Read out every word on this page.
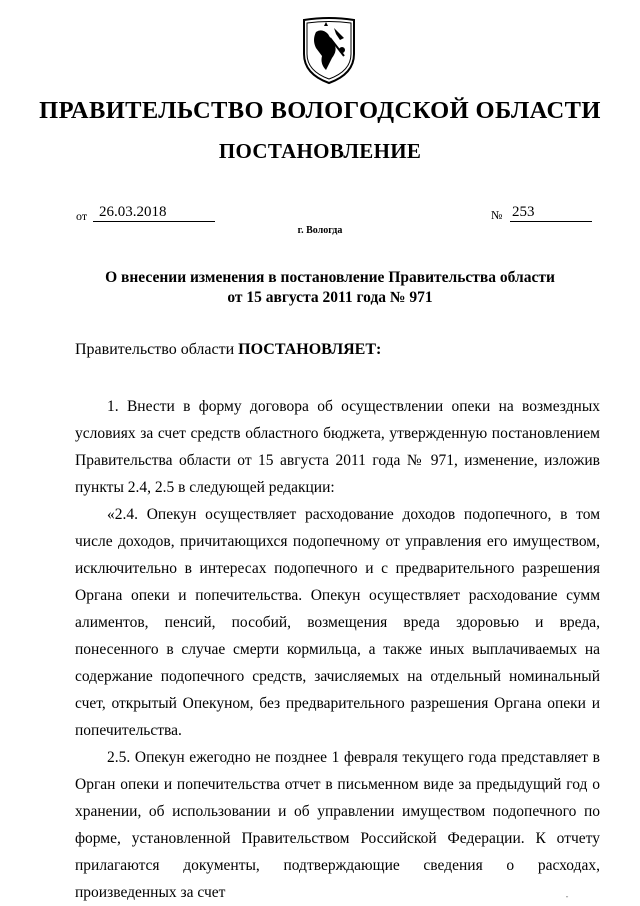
ПРАВИТЕЛЬСТВО ВОЛОГОДСКОЙ ОБЛАСТИ
ПОСТАНОВЛЕНИЕ
от 26.03.2018	№ 253
г. Вологда
О внесении изменения в постановление Правительства области
от 15 августа 2011 года № 971
Правительство области ПОСТАНОВЛЯЕТ:

1. Внести в форму договора об осуществлении опеки на возмездных условиях за счет средств областного бюджета, утвержденную постановлением Правительства области от 15 августа 2011 года № 971, изменение, изложив пункты 2.4, 2.5 в следующей редакции:

«2.4. Опекун осуществляет расходование доходов подопечного, в том числе доходов, причитающихся подопечному от управления его имуществом, исключительно в интересах подопечного и с предварительного разрешения Органа опеки и попечительства. Опекун осуществляет расходование сумм алиментов, пенсий, пособий, возмещения вреда здоровью и вреда, понесенного в случае смерти кормильца, а также иных выплачиваемых на содержание подопечного средств, зачисляемых на отдельный номинальный счет, открытый Опекуном, без предварительного разрешения Органа опеки и попечительства.

2.5. Опекун ежегодно не позднее 1 февраля текущего года представляет в Орган опеки и попечительства отчет в письменном виде за предыдущий год о хранении, об использовании и об управлении имуществом подопечного по форме, установленной Правительством Российской Федерации. К отчету прилагаются документы, подтверждающие сведения о расходах, произведенных за счет	"
